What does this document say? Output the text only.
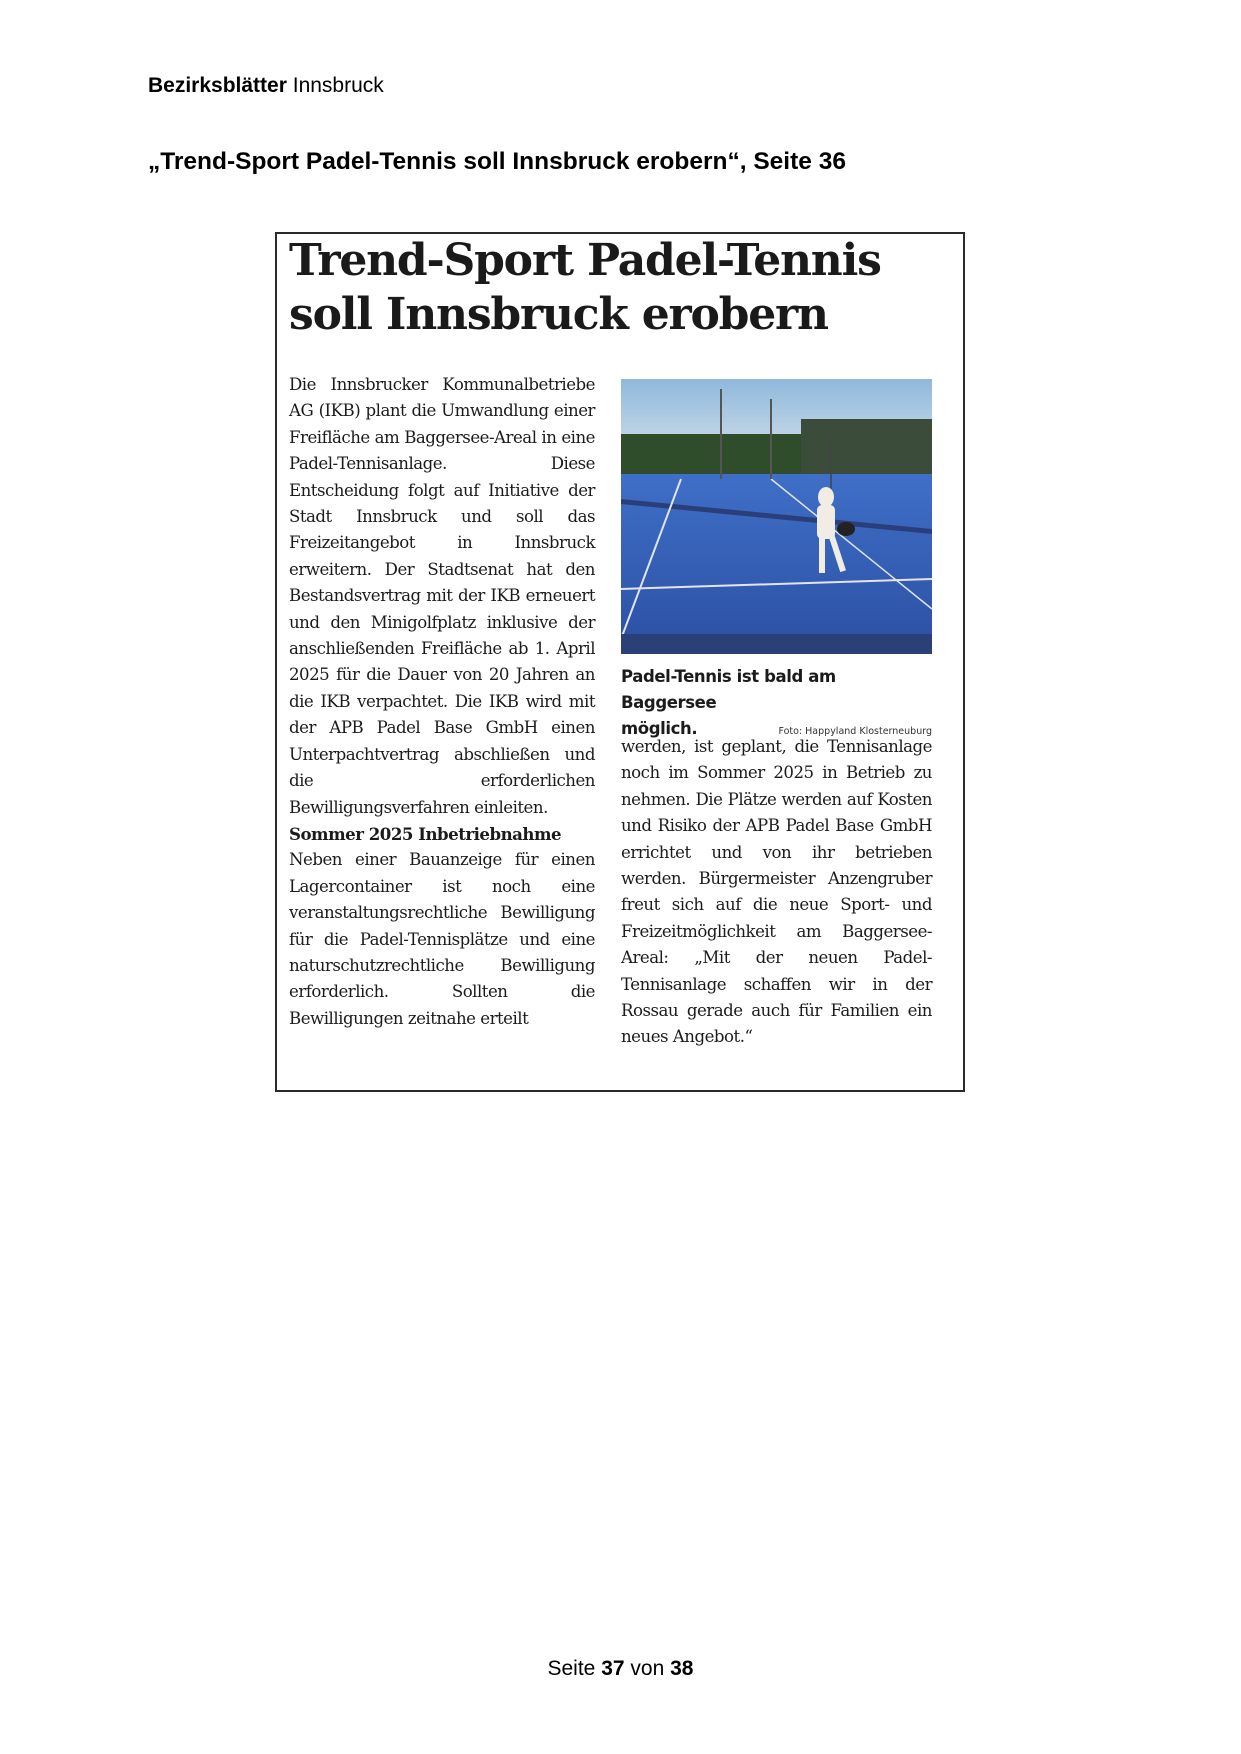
Bezirksblätter Innsbruck
„Trend-Sport Padel-Tennis soll Innsbruck erobern“, Seite 36
Trend-Sport Padel-Tennis
soll Innsbruck erobern

Die Innsbrucker Kommunalbetriebe AG (IKB) plant die Umwandlung einer Freifläche am Baggersee-Areal in eine Padel-Tennisanlage. Diese Entscheidung folgt auf Initiative der Stadt Innsbruck und soll das Freizeitangebot in Innsbruck erweitern. Der Stadtsenat hat den Bestandsvertrag mit der IKB erneuert und den Minigolfplatz inklusive der anschließenden Freifläche ab 1. April 2025 für die Dauer von 20 Jahren an die IKB verpachtet. Die IKB wird mit der APB Padel Base GmbH einen Unterpachtvertrag abschließen und die erforderlichen Bewilligungsverfahren einleiten.

Sommer 2025 Inbetriebnahme

Neben einer Bauanzeige für einen Lagercontainer ist noch eine veranstaltungsrechtliche Bewilligung für die Padel-Tennisplätze und eine naturschutzrechtliche Bewilligung erforderlich. Sollten die Bewilligungen zeitnahe erteilt

Padel-Tennis ist bald am Baggersee
möglich.	Foto: Happyland Klosterneuburg

werden, ist geplant, die Tennisanlage noch im Sommer 2025 in Betrieb zu nehmen. Die Plätze werden auf Kosten und Risiko der APB Padel Base GmbH errichtet und von ihr betrieben werden. Bürgermeister Anzengruber freut sich auf die neue Sport- und Freizeitmöglichkeit am Baggersee-Areal: „Mit der neuen Padel-Tennisanlage schaffen wir in der Rossau gerade auch für Familien ein neues Angebot.“

Seite 37 von 38
